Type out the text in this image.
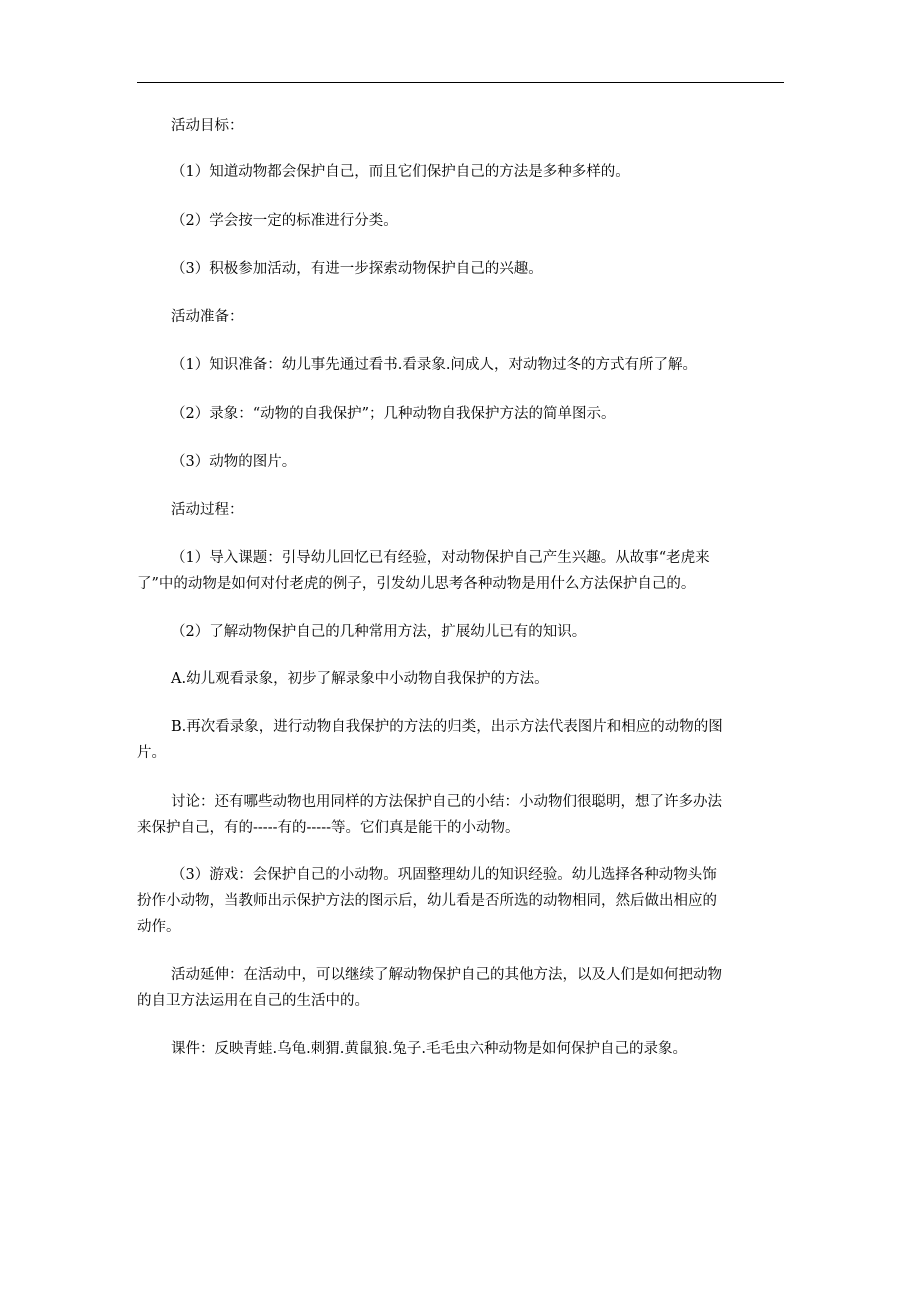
活动目标：
（1）知道动物都会保护自己，而且它们保护自己的方法是多种多样的。
（2）学会按一定的标准进行分类。
（3）积极参加活动，有进一步探索动物保护自己的兴趣。
活动准备：
（1）知识准备：幼儿事先通过看书.看录象.问成人，对动物过冬的方式有所了解。
（2）录象：“动物的自我保护”；几种动物自我保护方法的简单图示。
（3）动物的图片。
活动过程：
（1）导入课题：引导幼儿回忆已有经验，对动物保护自己产生兴趣。从故事“老虎来
了”中的动物是如何对付老虎的例子，引发幼儿思考各种动物是用什么方法保护自己的。
（2）了解动物保护自己的几种常用方法，扩展幼儿已有的知识。
A.幼儿观看录象，初步了解录象中小动物自我保护的方法。
B.再次看录象，进行动物自我保护的方法的归类，出示方法代表图片和相应的动物的图
片。
讨论：还有哪些动物也用同样的方法保护自己的小结：小动物们很聪明，想了许多办法
来保护自己，有的-----有的-----等。它们真是能干的小动物。
（3）游戏：会保护自己的小动物。巩固整理幼儿的知识经验。幼儿选择各种动物头饰
扮作小动物，当教师出示保护方法的图示后，幼儿看是否所选的动物相同，然后做出相应的
动作。
活动延伸：在活动中，可以继续了解动物保护自己的其他方法，以及人们是如何把动物
的自卫方法运用在自己的生活中的。
课件：反映青蛙.乌龟.刺猬.黄鼠狼.兔子.毛毛虫六种动物是如何保护自己的录象。
